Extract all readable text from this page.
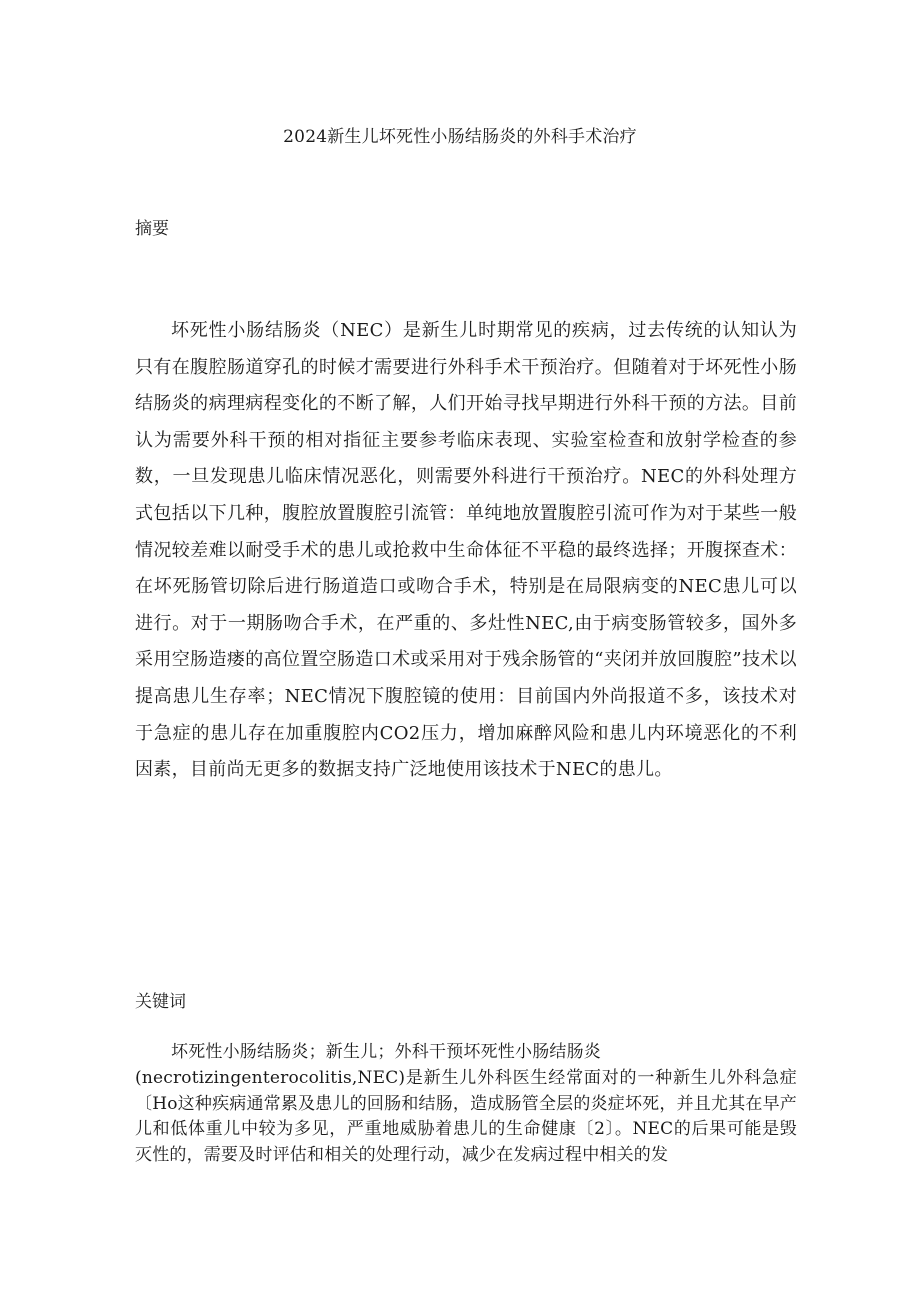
2024新生儿坏死性小肠结肠炎的外科手术治疗
摘要

坏死性小肠结肠炎（NEC）是新生儿时期常见的疾病，过去传统的认知认为只有在腹腔肠道穿孔的时候才需要进行外科手术干预治疗。但随着对于坏死性小肠结肠炎的病理病程变化的不断了解，人们开始寻找早期进行外科干预的方法。目前认为需要外科干预的相对指征主要参考临床表现、实验室检查和放射学检查的参数，一旦发现患儿临床情况恶化，则需要外科进行干预治疗。NEC的外科处理方式包括以下几种，腹腔放置腹腔引流管：单纯地放置腹腔引流可作为对于某些一般情况较差难以耐受手术的患儿或抢救中生命体征不平稳的最终选择；开腹探查术：在坏死肠管切除后进行肠道造口或吻合手术，特别是在局限病变的NEC患儿可以进行。对于一期肠吻合手术，在严重的、多灶性NEC,由于病变肠管较多，国外多采用空肠造瘘的高位置空肠造口术或采用对于残余肠管的“夹闭并放回腹腔”技术以提高患儿生存率；NEC情况下腹腔镜的使用：目前国内外尚报道不多，该技术对于急症的患儿存在加重腹腔内CO2压力，增加麻醉风险和患儿内环境恶化的不利因素，目前尚无更多的数据支持广泛地使用该技术于NEC的患儿。

关键词

坏死性小肠结肠炎；新生儿；外科干预坏死性小肠结肠炎
(necrotizingenterocolitis,NEC)是新生儿外科医生经常面对的一种新生儿外科急症〔Ho这种疾病通常累及患儿的回肠和结肠，造成肠管全层的炎症坏死，并且尤其在早产儿和低体重儿中较为多见，严重地威胁着患儿的生命健康〔2〕。NEC的后果可能是毁灭性的，需要及时评估和相关的处理行动，减少在发病过程中相关的发
